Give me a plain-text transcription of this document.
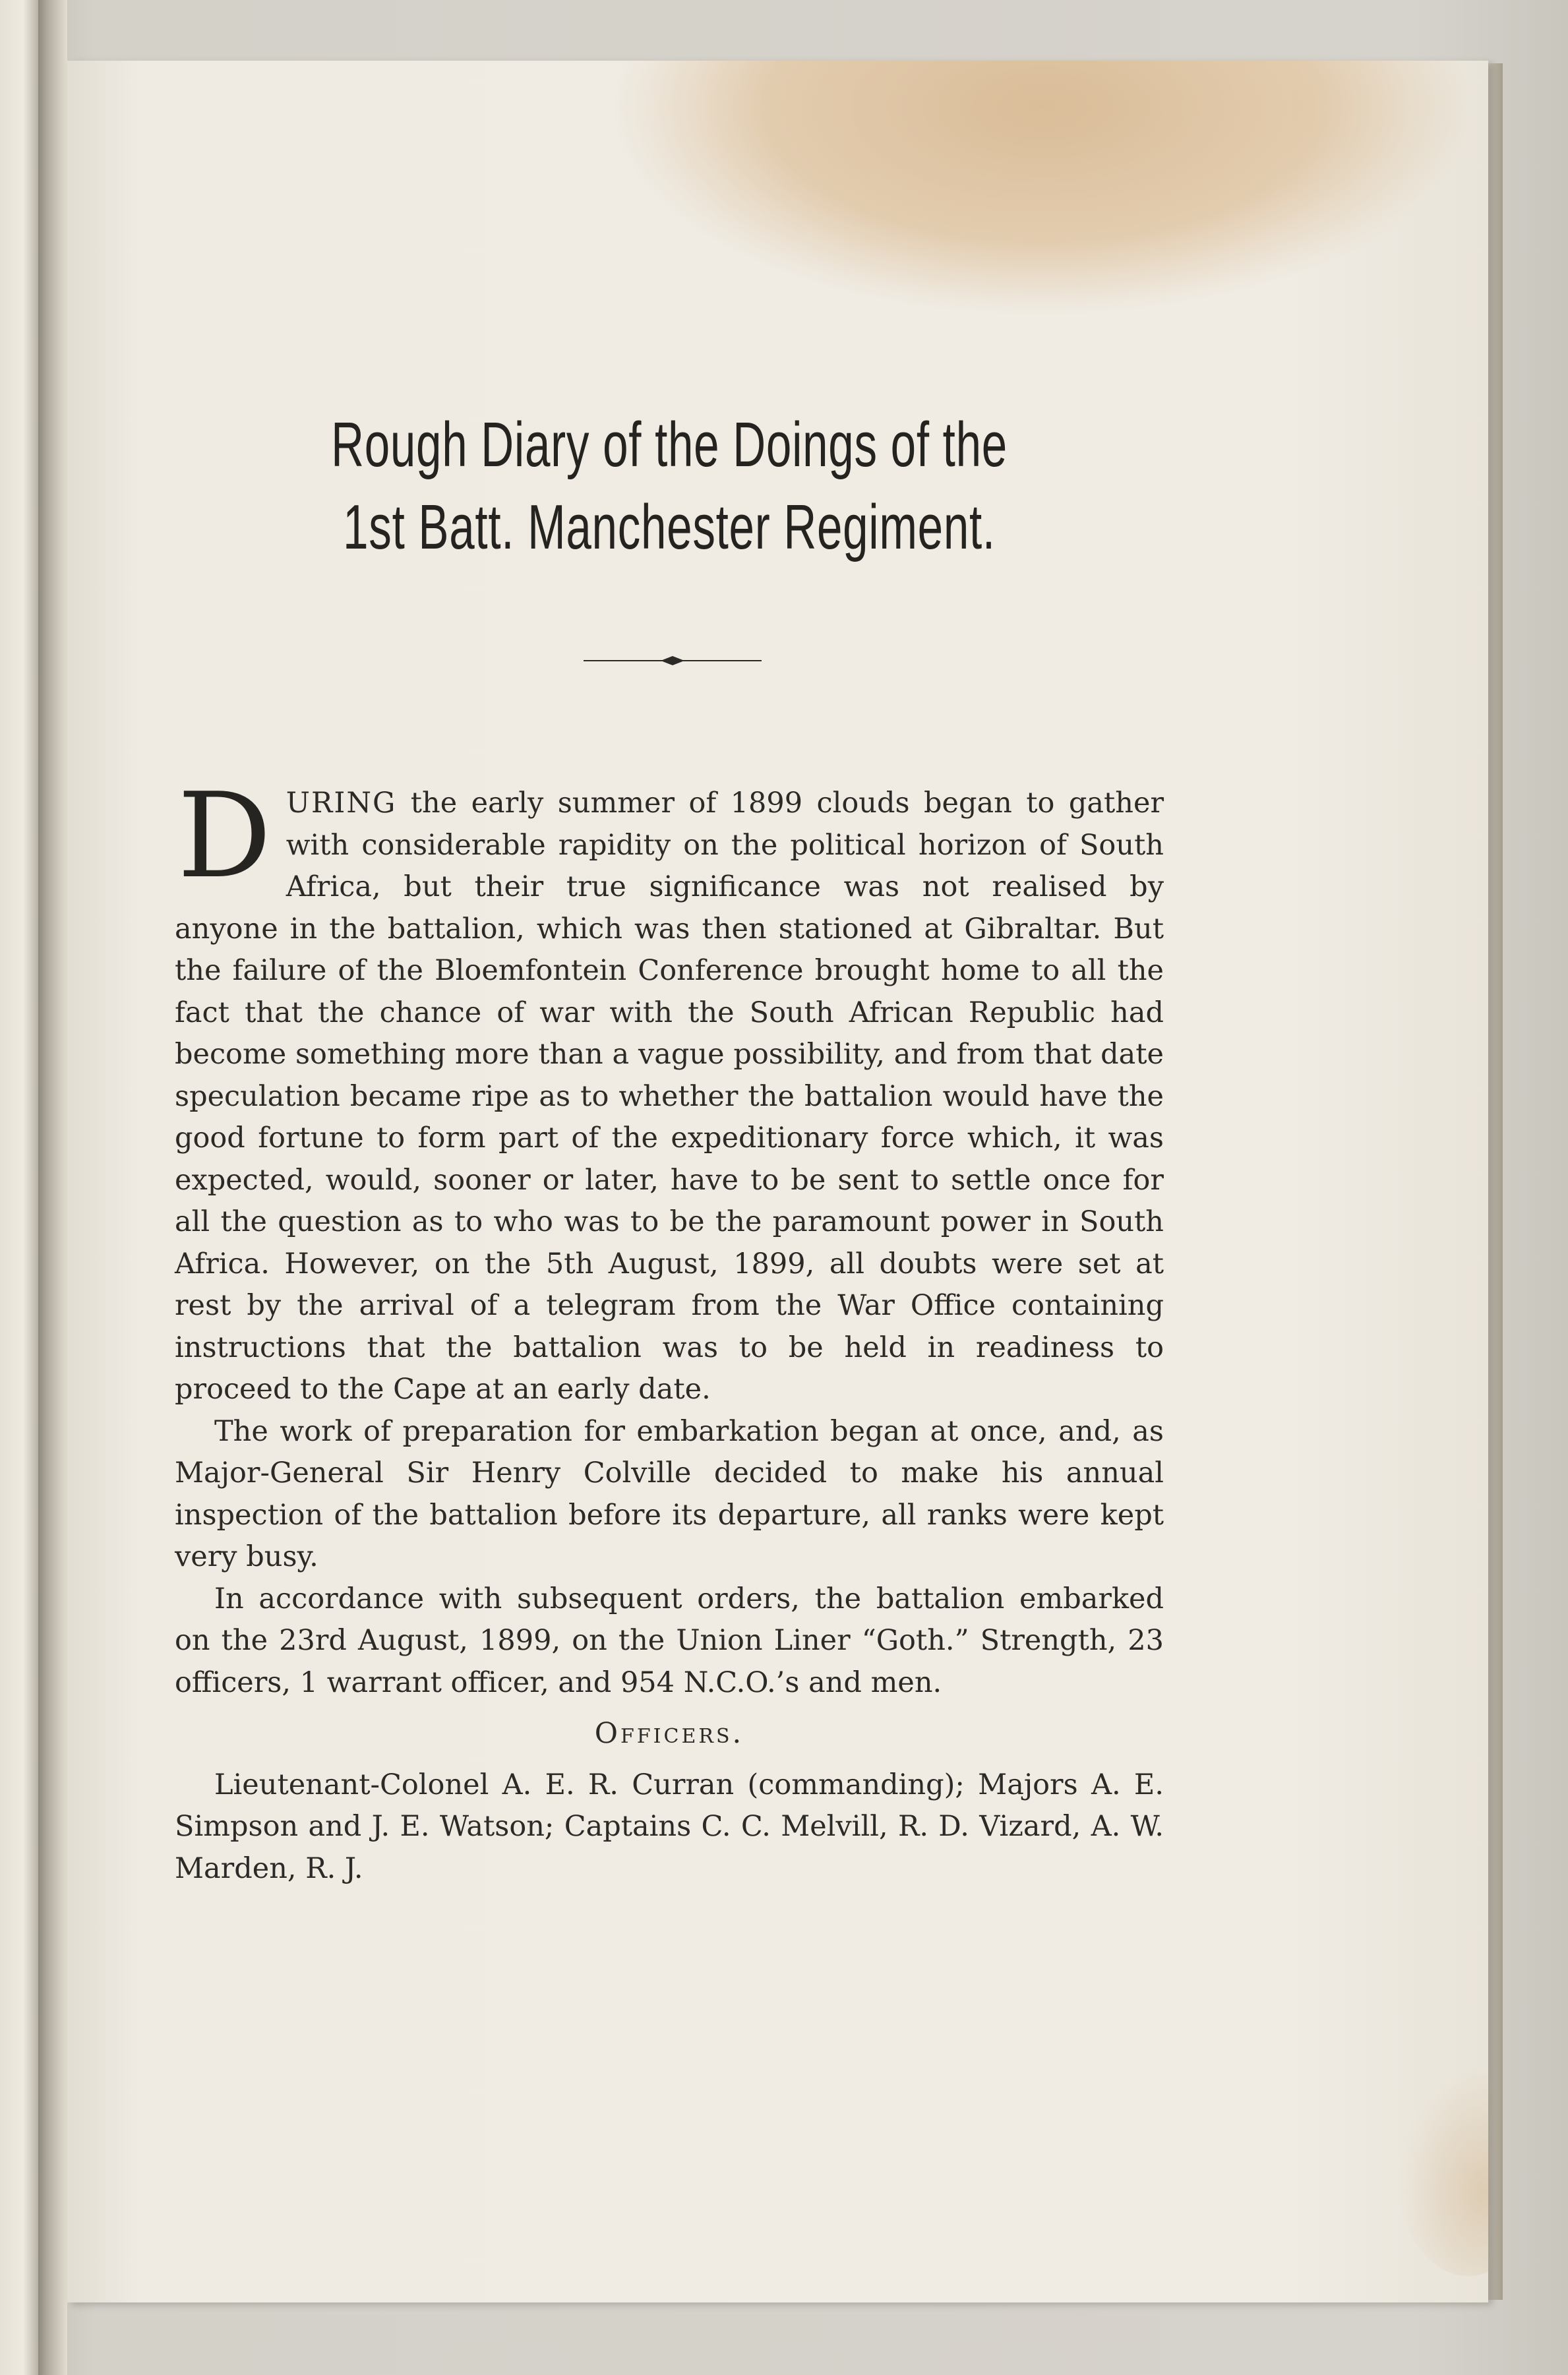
Rough Diary of the Doings of the
1st Batt. Manchester Regiment.

DURING the early summer of 1899 clouds began to gather with considerable rapidity on the political horizon of South Africa, but their true significance was not realised by anyone in the battalion, which was then stationed at Gibraltar. But the failure of the Bloemfontein Conference brought home to all the fact that the chance of war with the South African Republic had become something more than a vague possibility, and from that date speculation became ripe as to whether the battalion would have the good fortune to form part of the expeditionary force which, it was expected, would, sooner or later, have to be sent to settle once for all the question as to who was to be the paramount power in South Africa. However, on the 5th August, 1899, all doubts were set at rest by the arrival of a telegram from the War Office containing instructions that the battalion was to be held in readiness to proceed to the Cape at an early date.

The work of preparation for embarkation began at once, and, as Major-General Sir Henry Colville decided to make his annual inspection of the battalion before its departure, all ranks were kept very busy.

In accordance with subsequent orders, the battalion embarked on the 23rd August, 1899, on the Union Liner “Goth.” Strength, 23 officers, 1 warrant officer, and 954 N.C.O.’s and men.

Officers.

Lieutenant-Colonel A. E. R. Curran (commanding); Majors A. E. Simpson and J. E. Watson; Captains C. C. Melvill, R. D. Vizard, A. W. Marden, R. J.
